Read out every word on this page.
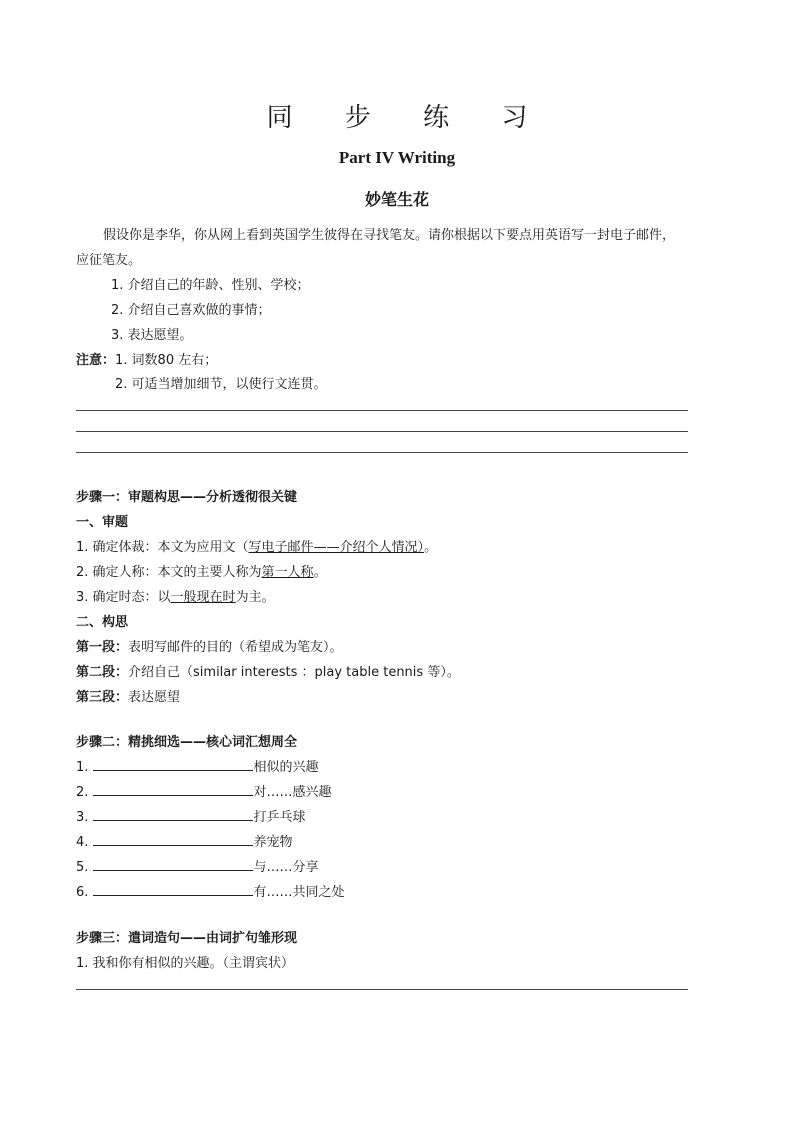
同 步 练 习
Part IV Writing
妙笔生花
假设你是李华，你从网上看到英国学生彼得在寻找笔友。请你根据以下要点用英语写一封电子邮件，
应征笔友。
1. 介绍自己的年龄、性别、学校；
2. 介绍自己喜欢做的事情；
3. 表达愿望。
注意：1. 词数80 左右；
2. 可适当增加细节，以使行文连贯。
步骤一：审题构思——分析透彻很关键
一、审题
1. 确定体裁：本文为应用文（写电子邮件——介绍个人情况）。
2. 确定人称：本文的主要人称为第一人称。
3. 确定时态：以一般现在时为主。
二、构思
第一段：表明写邮件的目的（希望成为笔友）。
第二段：介绍自己（similar interests ：play table tennis 等）。
第三段：表达愿望
步骤二：精挑细选——核心词汇想周全
1.	相似的兴趣
2.	对……感兴趣
3.	打乒乓球
4.	养宠物
5.	与……分享
6.	有……共同之处
步骤三：遣词造句——由词扩句雏形现
1. 我和你有相似的兴趣。（主谓宾状）
